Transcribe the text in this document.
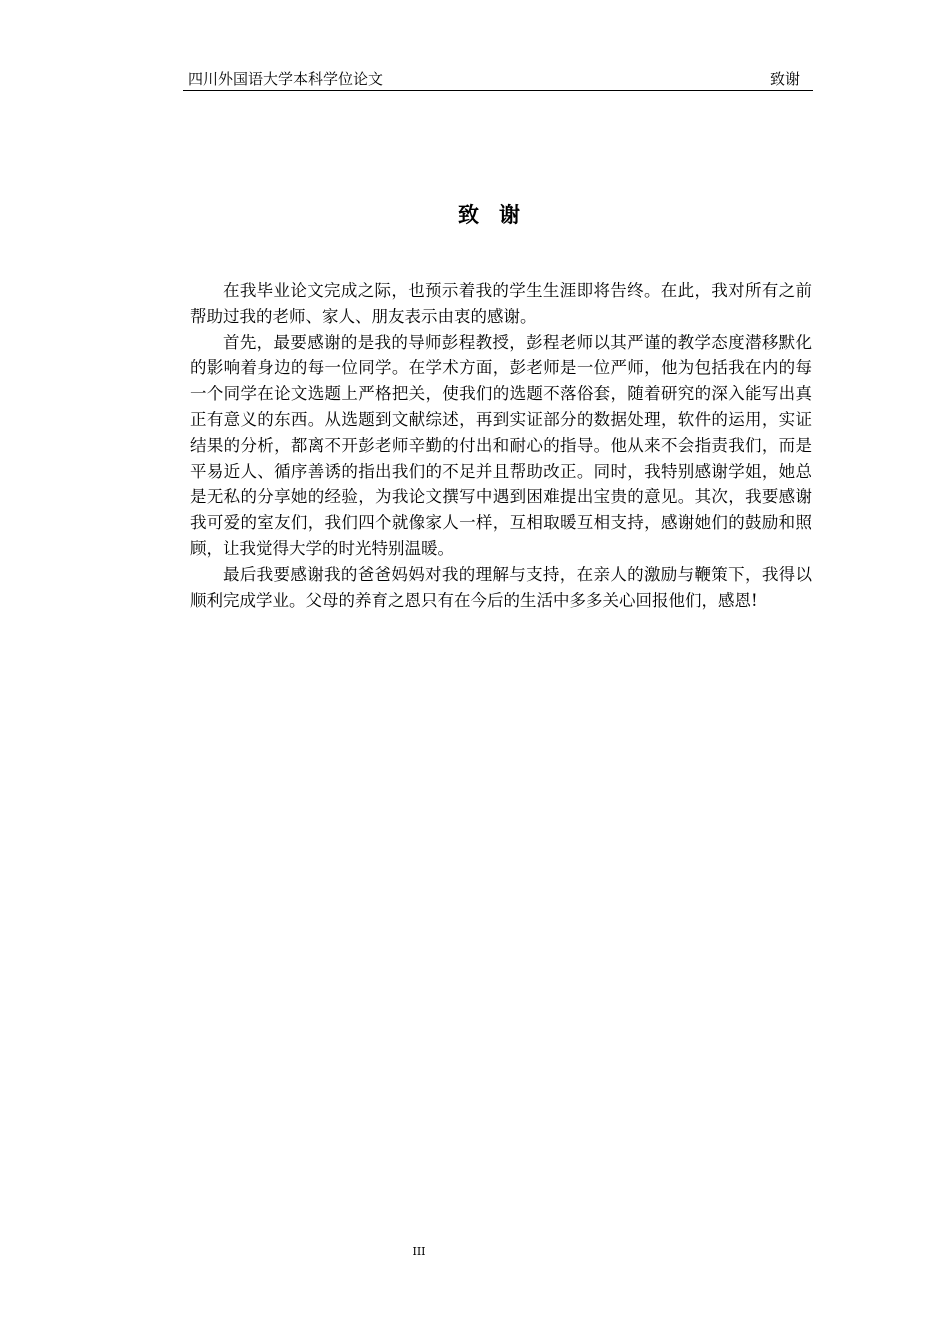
四川外国语大学本科学位论文	致谢
致谢

在我毕业论文完成之际，也预示着我的学生生涯即将告终。在此，我对所有之前帮助过我的老师、家人、朋友表示由衷的感谢。

首先，最要感谢的是我的导师彭程教授，彭程老师以其严谨的教学态度潜移默化的影响着身边的每一位同学。在学术方面，彭老师是一位严师，他为包括我在内的每一个同学在论文选题上严格把关，使我们的选题不落俗套，随着研究的深入能写出真正有意义的东西。从选题到文献综述，再到实证部分的数据处理，软件的运用，实证结果的分析，都离不开彭老师辛勤的付出和耐心的指导。他从来不会指责我们，而是平易近人、循序善诱的指出我们的不足并且帮助改正。同时，我特别感谢学姐，她总是无私的分享她的经验，为我论文撰写中遇到困难提出宝贵的意见。其次，我要感谢我可爱的室友们，我们四个就像家人一样，互相取暖互相支持，感谢她们的鼓励和照顾，让我觉得大学的时光特别温暖。

最后我要感谢我的爸爸妈妈对我的理解与支持，在亲人的激励与鞭策下，我得以顺利完成学业。父母的养育之恩只有在今后的生活中多多关心回报他们，感恩!

III
